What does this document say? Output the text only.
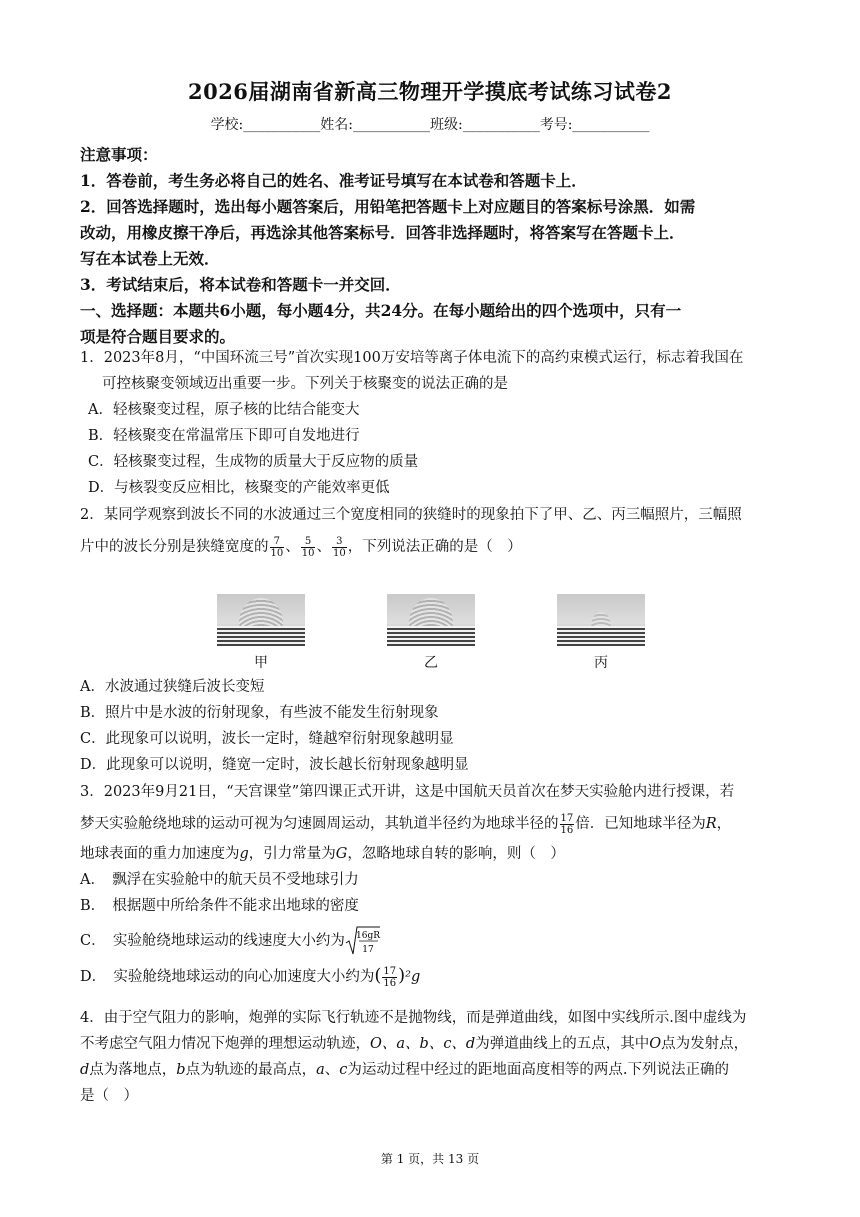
2026届湖南省新高三物理开学摸底考试练习试卷2
学校:___________姓名:___________班级:___________考号:___________
注意事项：
1．答卷前，考生务必将自己的姓名、准考证号填写在本试卷和答题卡上．
2．回答选择题时，选出每小题答案后，用铅笔把答题卡上对应题目的答案标号涂黑．如需
改动，用橡皮擦干净后，再选涂其他答案标号．回答非选择题时，将答案写在答题卡上．
写在本试卷上无效．
3．考试结束后，将本试卷和答题卡一并交回．
一、选择题：本题共6小题，每小题4分，共24分。在每小题给出的四个选项中，只有一
项是符合题目要求的。
1．2023年8月，“中国环流三号”首次实现100万安培等离子体电流下的高约束模式运行，标志着我国在
可控核聚变领域迈出重要一步。下列关于核聚变的说法正确的是
A．轻核聚变过程，原子核的比结合能变大
B．轻核聚变在常温常压下即可自发地进行
C．轻核聚变过程，生成物的质量大于反应物的质量
D．与核裂变反应相比，核聚变的产能效率更低
2．某同学观察到波长不同的水波通过三个宽度相同的狭缝时的现象拍下了甲、乙、丙三幅照片，三幅照
片中的波长分别是狭缝宽度的 $\frac{7}{10}$ 、 $\frac{5}{10}$ 、 $\frac{3}{10}$ ，下列说法正确的是（　）
甲	乙	丙
A．水波通过狭缝后波长变短
B．照片中是水波的衍射现象，有些波不能发生衍射现象
C．此现象可以说明，波长一定时，缝越窄衍射现象越明显
D．此现象可以说明，缝宽一定时，波长越长衍射现象越明显
3．2023年9月21日，“天宫课堂”第四课正式开讲，这是中国航天员首次在梦天实验舱内进行授课，若
梦天实验舱绕地球的运动可视为匀速圆周运动，其轨道半径约为地球半径的 $\frac{17}{16}$ 倍．已知地球半径为R，
地球表面的重力加速度为g，引力常量为G，忽略地球自转的影响，则（　）
A．　飘浮在实验舱中的航天员不受地球引力
B．　根据题中所给条件不能求出地球的密度
C．　实验舱绕地球运动的线速度大小约为 16gR
17
D．　实验舱绕地球运动的向心加速度大小约为( $\frac{17}{16} )^2g$
4．由于空气阻力的影响，炮弹的实际飞行轨迹不是抛物线，而是弹道曲线，如图中实线所示.图中虚线为
不考虑空气阻力情况下炮弹的理想运动轨迹，O、a、b、c、d为弹道曲线上的五点，其中O点为发射点，
d点为落地点，b点为轨迹的最高点，a、c为运动过程中经过的距地面高度相等的两点.下列说法正确的
是（　）
第 1 页，共 13 页
